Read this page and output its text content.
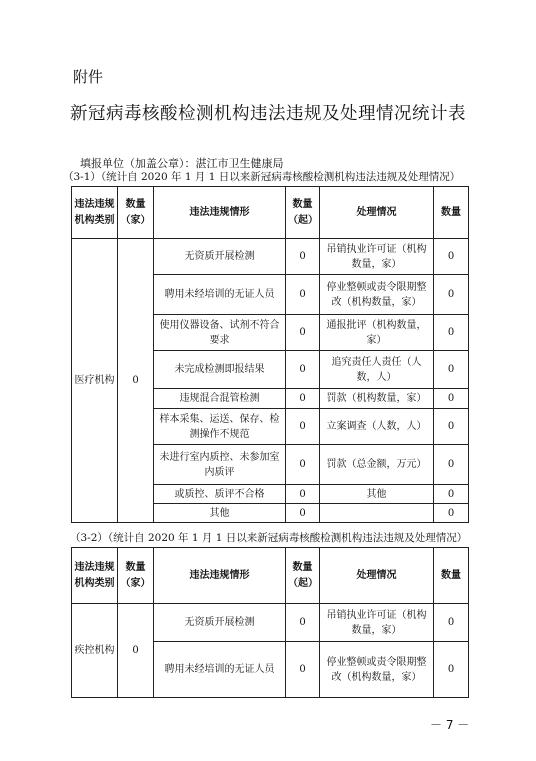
附件
新冠病毒核酸检测机构违法违规及处理情况统计表
填报单位（加盖公章）：湛江市卫生健康局
（3-1）（统计自 2020 年 1 月 1 日以来新冠病毒核酸检测机构违法违规及处理情况）
违法违规机构类别	数量（家）	违法违规情形	数量（起）	处理情况	数量
医疗机构	0	无资质开展检测	0	吊销执业许可证（机构数量，家）	0
		聘用未经培训的无证人员	0	停业整顿或责令限期整改（机构数量，家）	0
		使用仪器设备、试剂不符合要求	0	通报批评（机构数量，家）	0
		未完成检测即报结果	0	追究责任人责任（人数，人）	0
		违规混合混管检测	0	罚款（机构数量，家）	0
		样本采集、运送、保存、检测操作不规范	0	立案调查（人数，人）	0
		未进行室内质控、未参加室内质评	0	罚款（总金额，万元）	0
		或质控、质评不合格	0	其他	0
		其他	0		0
（3-2）（统计自 2020 年 1 月 1 日以来新冠病毒核酸检测机构违法违规及处理情况）
违法违规机构类别	数量（家）	违法违规情形	数量（起）	处理情况	数量
疾控机构	0	无资质开展检测	0	吊销执业许可证（机构数量，家）	0
		聘用未经培训的无证人员	0	停业整顿或责令限期整改（机构数量，家）	0
－ 7 －
